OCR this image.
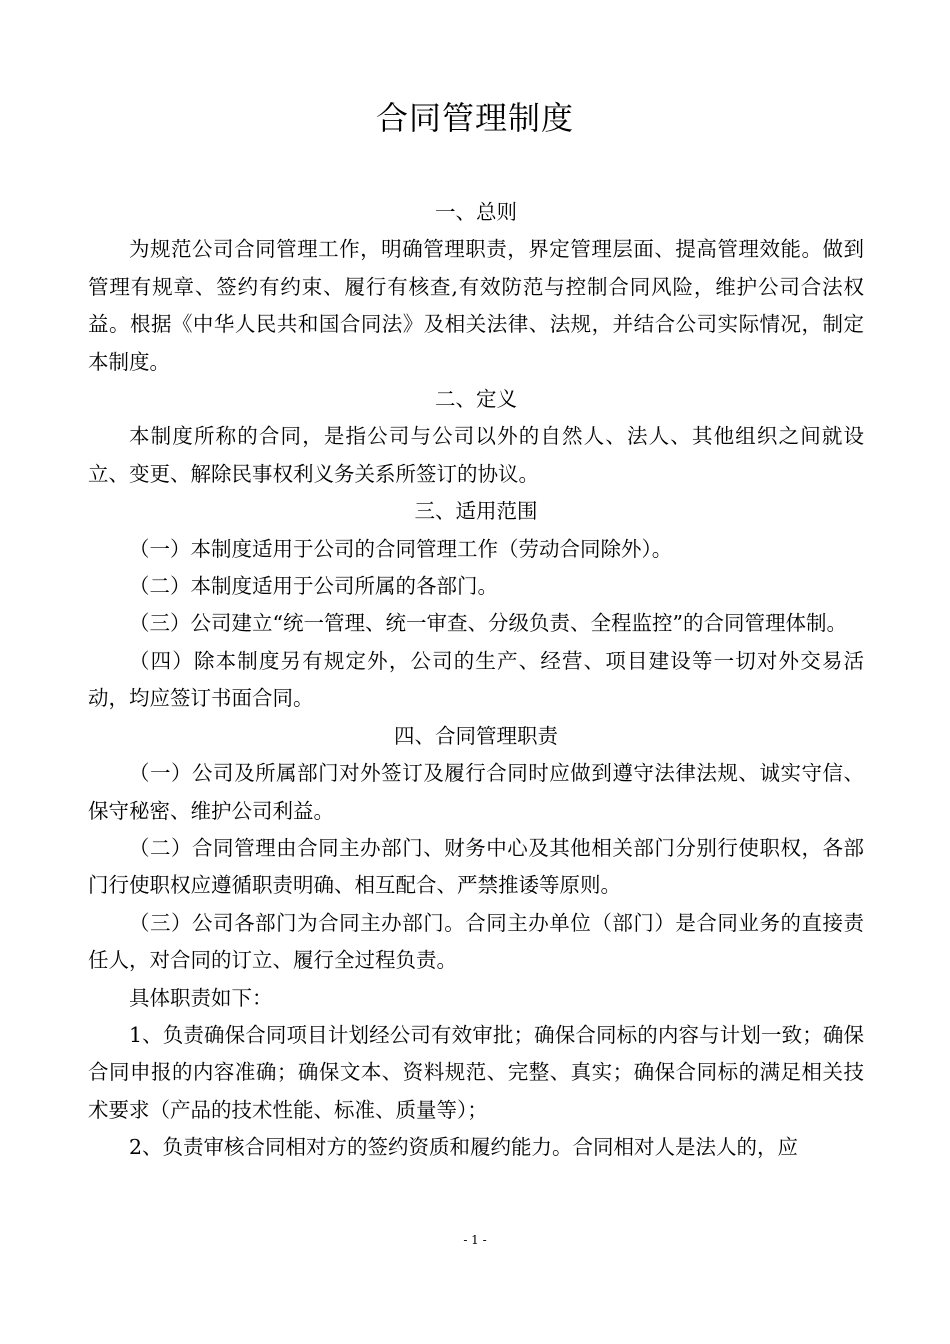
合同管理制度

一、总则

为规范公司合同管理工作，明确管理职责，界定管理层面、提高管理效能。做到管理有规章、签约有约束、履行有核查,有效防范与控制合同风险，维护公司合法权益。根据《中华人民共和国合同法》及相关法律、法规，并结合公司实际情况，制定本制度。

二、定义

本制度所称的合同，是指公司与公司以外的自然人、法人、其他组织之间就设立、变更、解除民事权利义务关系所签订的协议。

三、适用范围

（一）本制度适用于公司的合同管理工作（劳动合同除外）。

（二）本制度适用于公司所属的各部门。

（三）公司建立“统一管理、统一审查、分级负责、全程监控”的合同管理体制。

（四）除本制度另有规定外，公司的生产、经营、项目建设等一切对外交易活动，均应签订书面合同。

四、合同管理职责

（一）公司及所属部门对外签订及履行合同时应做到遵守法律法规、诚实守信、保守秘密、维护公司利益。

（二）合同管理由合同主办部门、财务中心及其他相关部门分别行使职权，各部门行使职权应遵循职责明确、相互配合、严禁推诿等原则。

（三）公司各部门为合同主办部门。合同主办单位（部门）是合同业务的直接责任人，对合同的订立、履行全过程负责。

具体职责如下：

1、负责确保合同项目计划经公司有效审批；确保合同标的内容与计划一致；确保合同申报的内容准确；确保文本、资料规范、完整、真实；确保合同标的满足相关技术要求（产品的技术性能、标准、质量等）；

2、负责审核合同相对方的签约资质和履约能力。合同相对人是法人的，应

- 1 -
